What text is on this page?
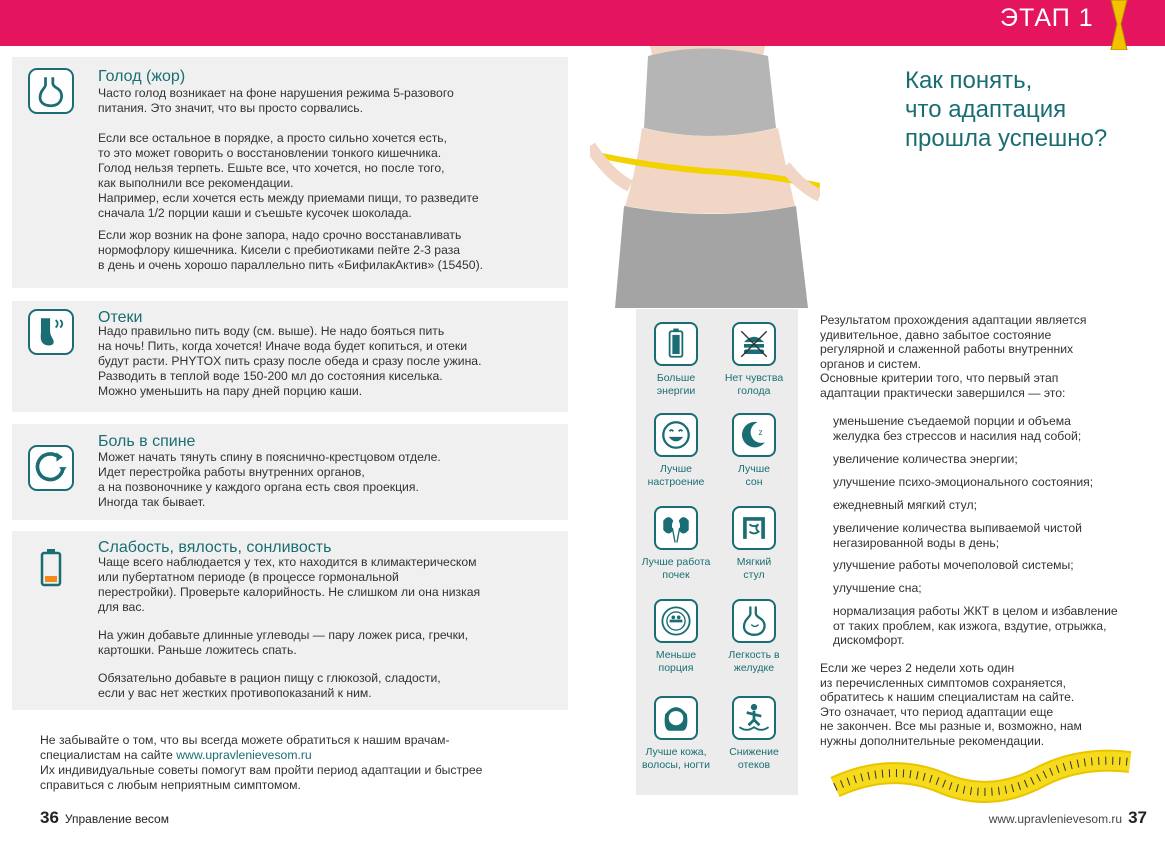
ЭТАП 1
Голод (жор)

Часто голод возникает на фоне нарушения режима 5-разового
питания. Это значит, что вы просто сорвались.

Если все остальное в порядке, а просто сильно хочется есть,
то это может говорить о восстановлении тонкого кишечника.
Голод нельзя терпеть. Ешьте все, что хочется, но после того,
как выполнили все рекомендации.
Например, если хочется есть между приемами пищи, то разведите
сначала 1/2 порции каши и съешьте кусочек шоколада.

Если жор возник на фоне запора, надо срочно восстанавливать
нормофлору кишечника. Кисели с пребиотиками пейте 2-3 раза
в день и очень хорошо параллельно пить «БифилакАктив» (15450).

Отеки

Надо правильно пить воду (см. выше). Не надо бояться пить
на ночь! Пить, когда хочется! Иначе вода будет копиться, и отеки
будут расти. PHYTOX пить сразу после обеда и сразу после ужина.
Разводить в теплой воде 150-200 мл до состояния киселька.
Можно уменьшить на пару дней порцию каши.

Боль в спине

Может начать тянуть спину в пояснично-крестцовом отделе.
Идет перестройка работы внутренних органов,
а на позвоночнике у каждого органа есть своя проекция.
Иногда так бывает.

Слабость, вялость, сонливость

Чаще всего наблюдается у тех, кто находится в климактерическом
или пубертатном периоде (в процессе гормональной
перестройки). Проверьте калорийность. Не слишком ли она низкая
для вас.

На ужин добавьте длинные углеводы — пару ложек риса, гречки,
картошки. Раньше ложитесь спать.

Обязательно добавьте в рацион пищу с глюкозой, сладости,
если у вас нет жестких противопоказаний к ним.

Не забывайте о том, что вы всегда можете обратиться к нашим врачам-
специалистам на сайте www.upravlenievesom.ru
Их индивидуальные советы помогут вам пройти период адаптации и быстрее
справиться с любым неприятным симптомом.
36 Управление весом	www.upravlenievesom.ru 37
Как понять,
что адаптация
прошла успешно?
Больше
энергии
Нет чувства
голода
Лучше
настроение
z
Лучше
сон
Лучше работа
почек
Мягкий
стул
Меньше
порция
Легкость в
желудке
Лучше кожа,
волосы, ногти
Снижение
отеков
Результатом прохождения адаптации является
удивительное, давно забытое состояние
регулярной и слаженной работы внутренних
органов и систем.
Основные критерии того, что первый этап
адаптации практически завершился — это:
уменьшение съедаемой порции и объема
желудка без стрессов и насилия над собой;
увеличение количества энергии;
улучшение психо-эмоционального состояния;
ежедневный мягкий стул;
увеличение количества выпиваемой чистой
негазированной воды в день;
улучшение работы мочеполовой системы;
улучшение сна;
нормализация работы ЖКТ в целом и избавление
от таких проблем, как изжога, вздутие, отрыжка,
дискомфорт.
Если же через 2 недели хоть один
из перечисленных симптомов сохраняется,
обратитесь к нашим специалистам на сайте.
Это означает, что период адаптации еще
не закончен. Все мы разные и, возможно, нам
нужны дополнительные рекомендации.
